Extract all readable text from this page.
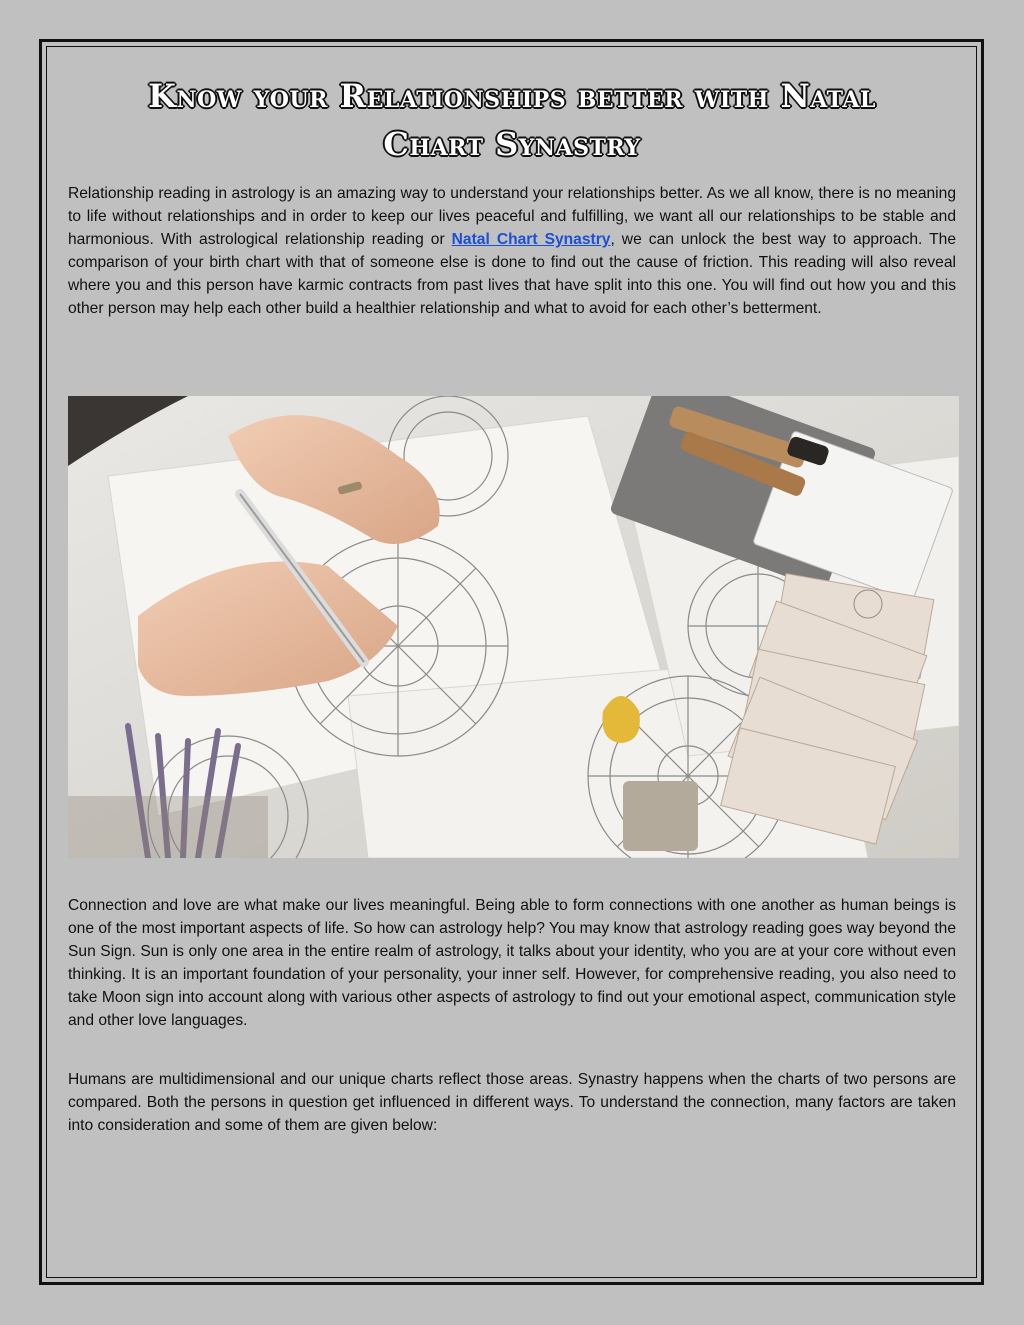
Know your Relationships better with Natal
Chart Synastry

Relationship reading in astrology is an amazing way to understand your relationships better. As we all know, there is no meaning to life without relationships and in order to keep our lives peaceful and fulfilling, we want all our relationships to be stable and harmonious. With astrological relationship reading or Natal Chart Synastry, we can unlock the best way to approach. The comparison of your birth chart with that of someone else is done to find out the cause of friction. This reading will also reveal where you and this person have karmic contracts from past lives that have split into this one. You will find out how you and this other person may help each other build a healthier relationship and what to avoid for each other’s betterment.

Connection and love are what make our lives meaningful. Being able to form connections with one another as human beings is one of the most important aspects of life. So how can astrology help? You may know that astrology reading goes way beyond the Sun Sign. Sun is only one area in the entire realm of astrology, it talks about your identity, who you are at your core without even thinking. It is an important foundation of your personality, your inner self. However, for comprehensive reading, you also need to take Moon sign into account along with various other aspects of astrology to find out your emotional aspect, communication style and other love languages.

Humans are multidimensional and our unique charts reflect those areas. Synastry happens when the charts of two persons are compared. Both the persons in question get influenced in different ways. To understand the connection, many factors are taken into consideration and some of them are given below:
